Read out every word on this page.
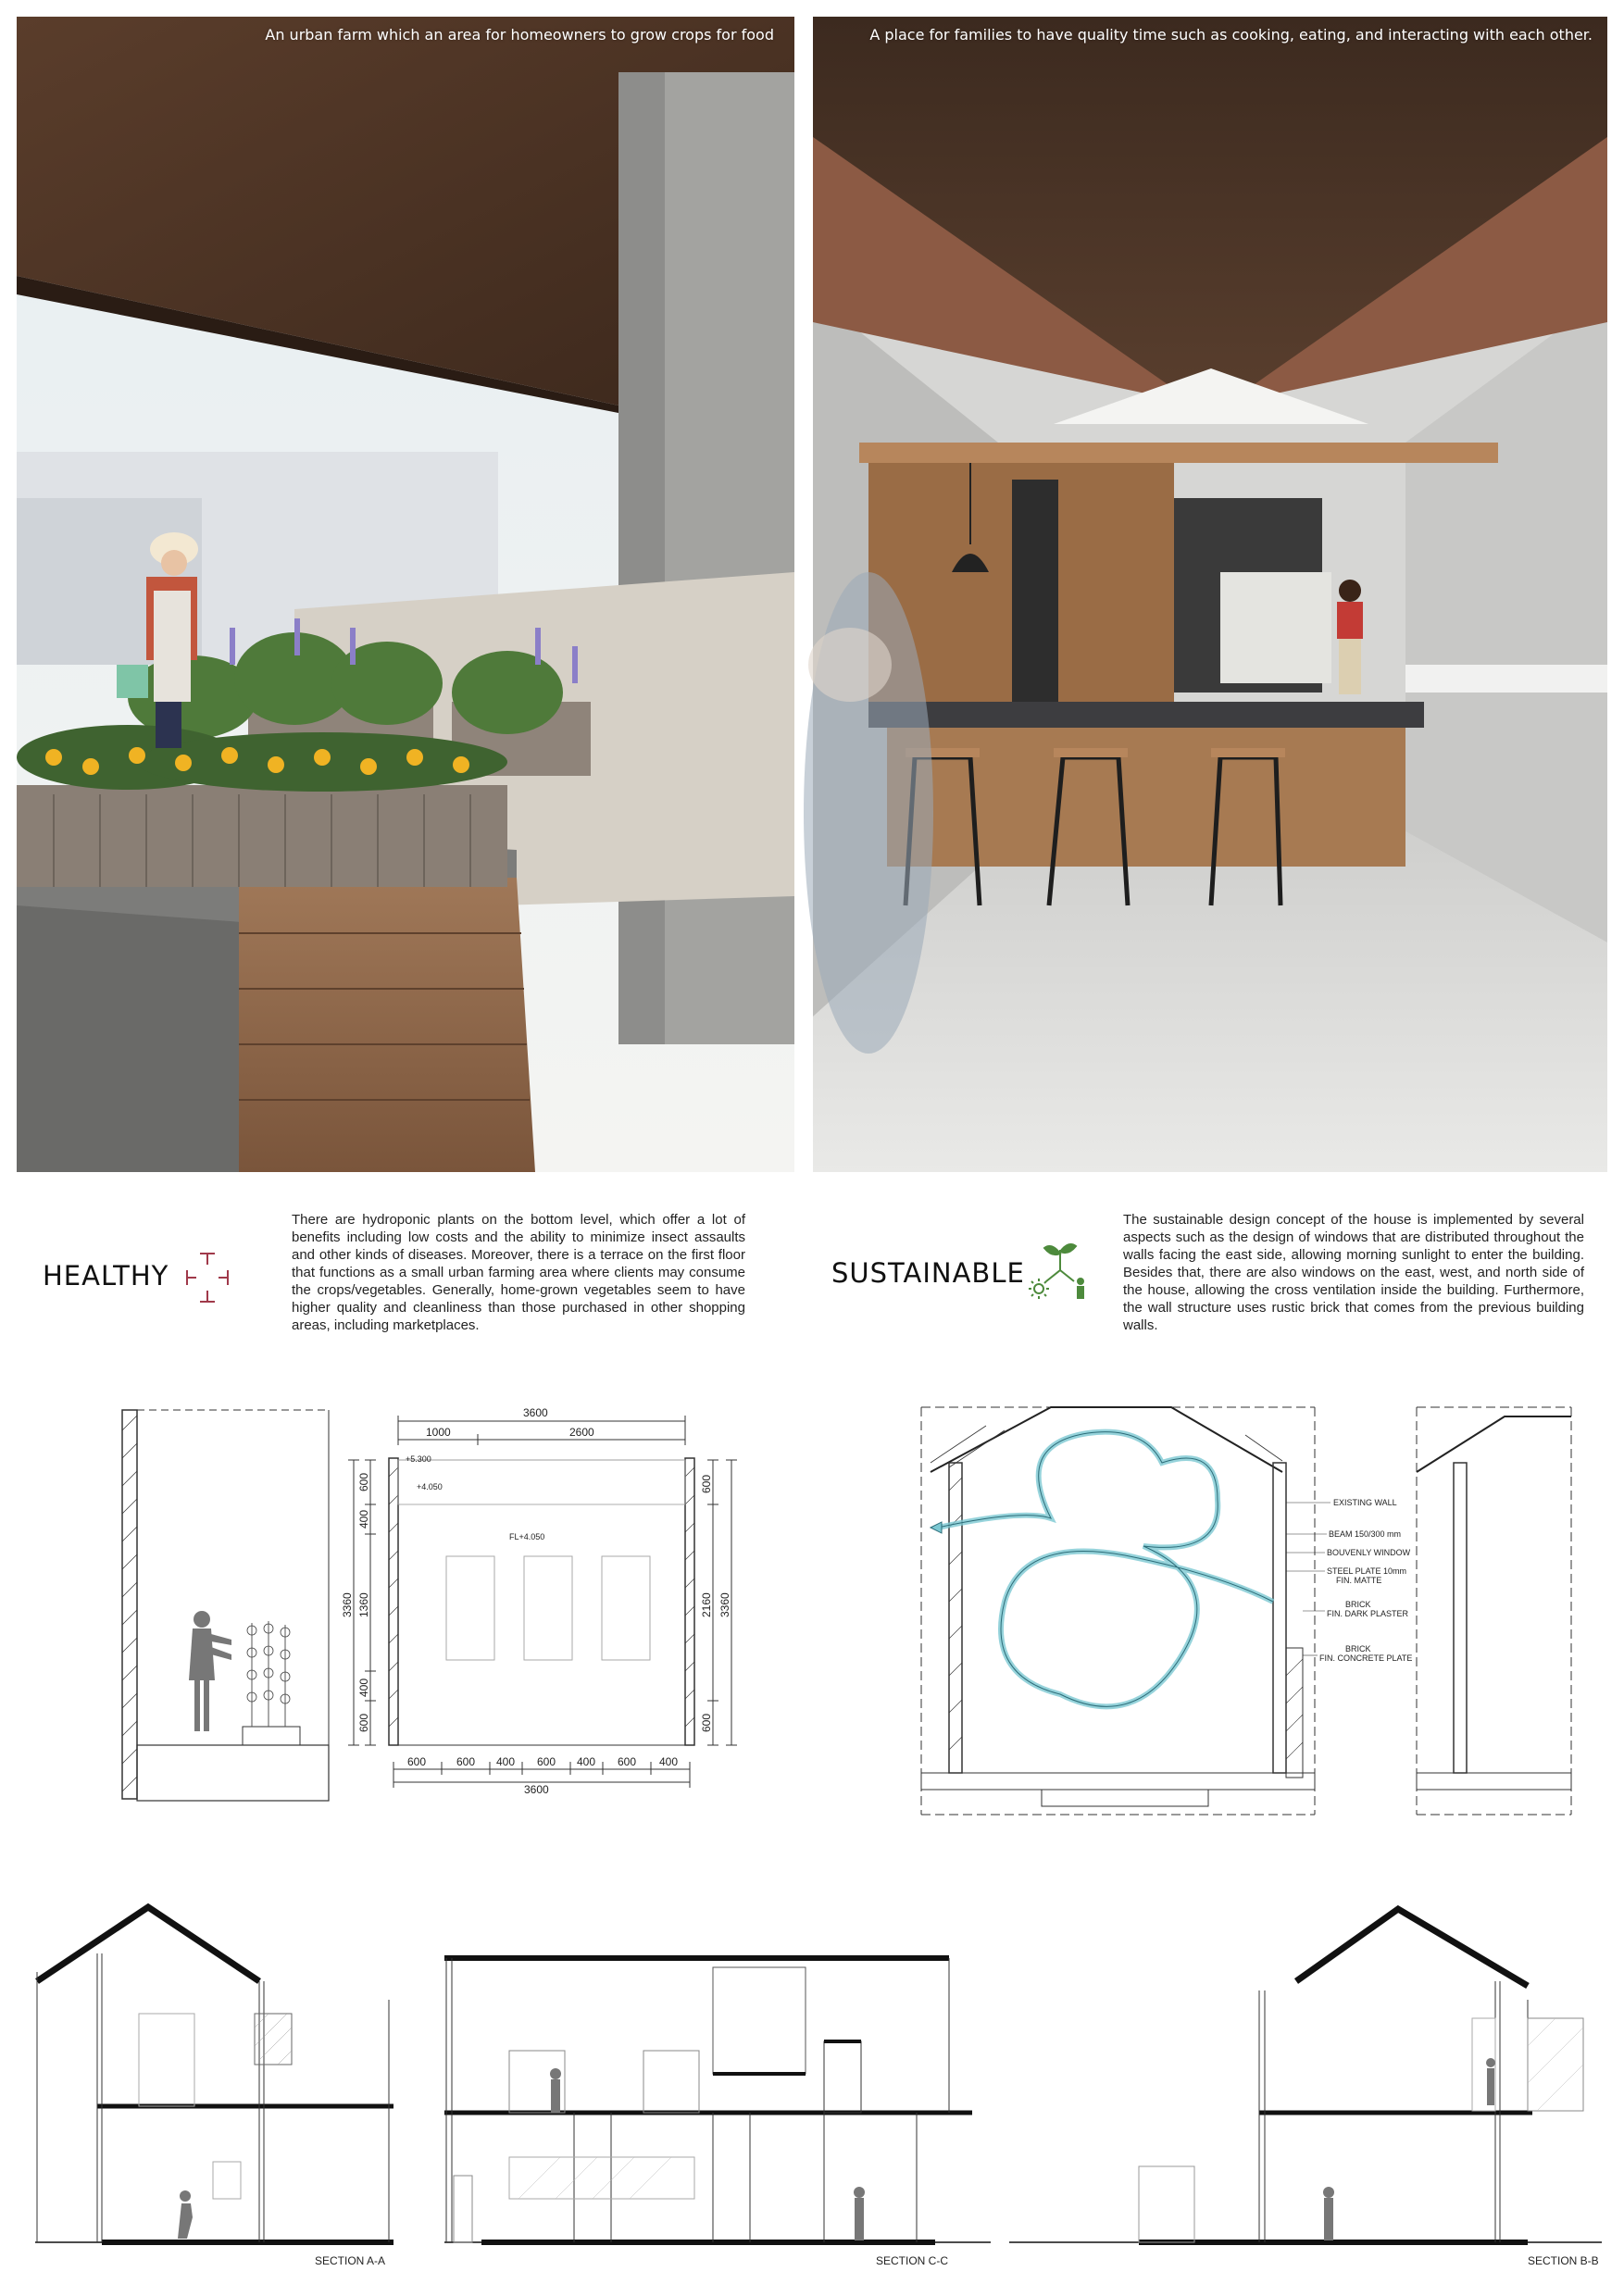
An urban farm which an area for homeowners to grow crops for food	A place for families to have quality time such as cooking, eating, and interacting with each other.
HEALTHY
There are hydroponic plants on the bottom level, which offer a lot of benefits including low costs and the ability to minimize insect assaults and other kinds of diseases. Moreover, there is a terrace on the first floor that functions as a small urban farming area where clients may consume the crops/vegetables. Generally, home-grown vegetables seem to have higher quality and cleanliness than those purchased in other shopping areas, including marketplaces.
SUSTAINABLE
The sustainable design concept of the house is implemented by several aspects such as the design of windows that are distributed throughout the walls facing the east side, allowing morning sunlight to enter the building. Besides that, there are also windows on the east, west, and north side of the house, allowing the cross ventilation inside the building. Furthermore, the wall structure uses rustic brick that comes from the previous building walls.
3600
1000	2600
+5.300
+4.050
FL+4.050
600
400
1360
400
600
3360
600
2160
600
3360
600	600 400 600 400 600 400
3600
EXISTING WALL
BEAM 150/300 mm
BOUVENLY WINDOW
STEEL PLATE 10mm
FIN. MATTE
BRICK
FIN. DARK PLASTER
BRICK
FIN. CONCRETE PLATE
SECTION A-A	SECTION C-C	SECTION B-B
